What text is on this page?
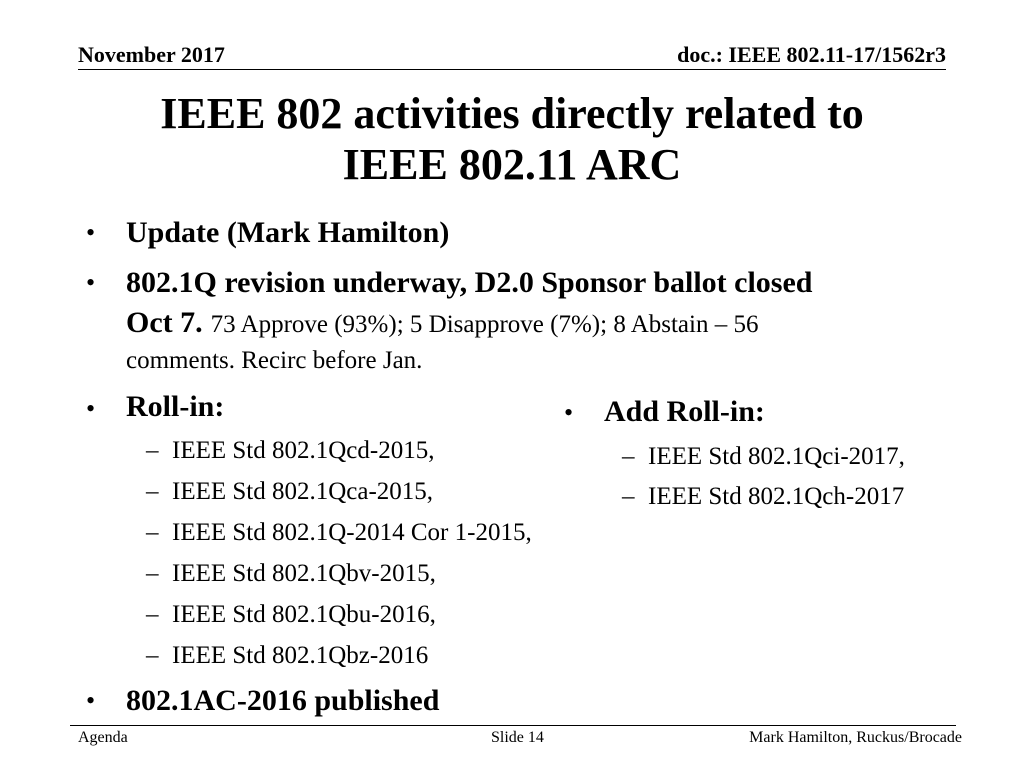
November 2017	doc.: IEEE 802.11-17/1562r3
IEEE 802 activities directly related to
IEEE 802.11 ARC
• Update (Mark Hamilton)
• 802.1Q revision underway, D2.0 Sponsor ballot closed
Oct 7. 73 Approve (93%); 5 Disapprove (7%); 8 Abstain – 56
comments. Recirc before Jan.
• Roll-in:
– IEEE Std 802.1Qcd-2015,
– IEEE Std 802.1Qca-2015,
– IEEE Std 802.1Q-2014 Cor 1-2015,
– IEEE Std 802.1Qbv-2015,
– IEEE Std 802.1Qbu-2016,
– IEEE Std 802.1Qbz-2016
• 802.1AC-2016 published
• Add Roll-in:
– IEEE Std 802.1Qci-2017,
– IEEE Std 802.1Qch-2017
Agenda	Slide 14	Mark Hamilton, Ruckus/Brocade
